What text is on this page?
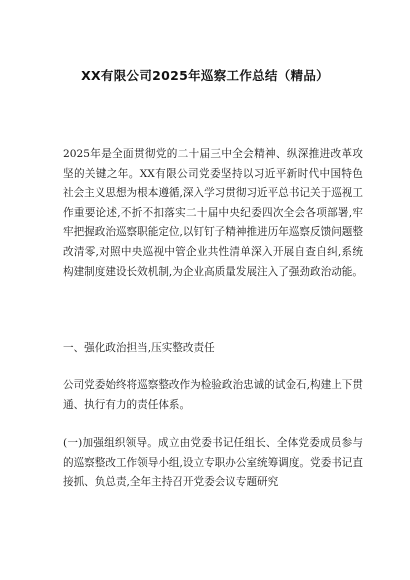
XX有限公司2025年巡察工作总结（精品）

2025年是全面贯彻党的二十届三中全会精神、纵深推进改革攻坚的关键之年。XX有限公司党委坚持以习近平新时代中国特色社会主义思想为根本遵循,深入学习贯彻习近平总书记关于巡视工作重要论述,不折不扣落实二十届中央纪委四次全会各项部署,牢牢把握政治巡察职能定位,以钉钉子精神推进历年巡察反馈问题整改清零,对照中央巡视中管企业共性清单深入开展自查自纠,系统构建制度建设长效机制,为企业高质量发展注入了强劲政治动能。

一、强化政治担当,压实整改责任

公司党委始终将巡察整改作为检验政治忠诚的试金石,构建上下贯通、执行有力的责任体系。

(一)加强组织领导。成立由党委书记任组长、全体党委成员参与的巡察整改工作领导小组,设立专职办公室统筹调度。党委书记直接抓、负总责,全年主持召开党委会议专题研究
